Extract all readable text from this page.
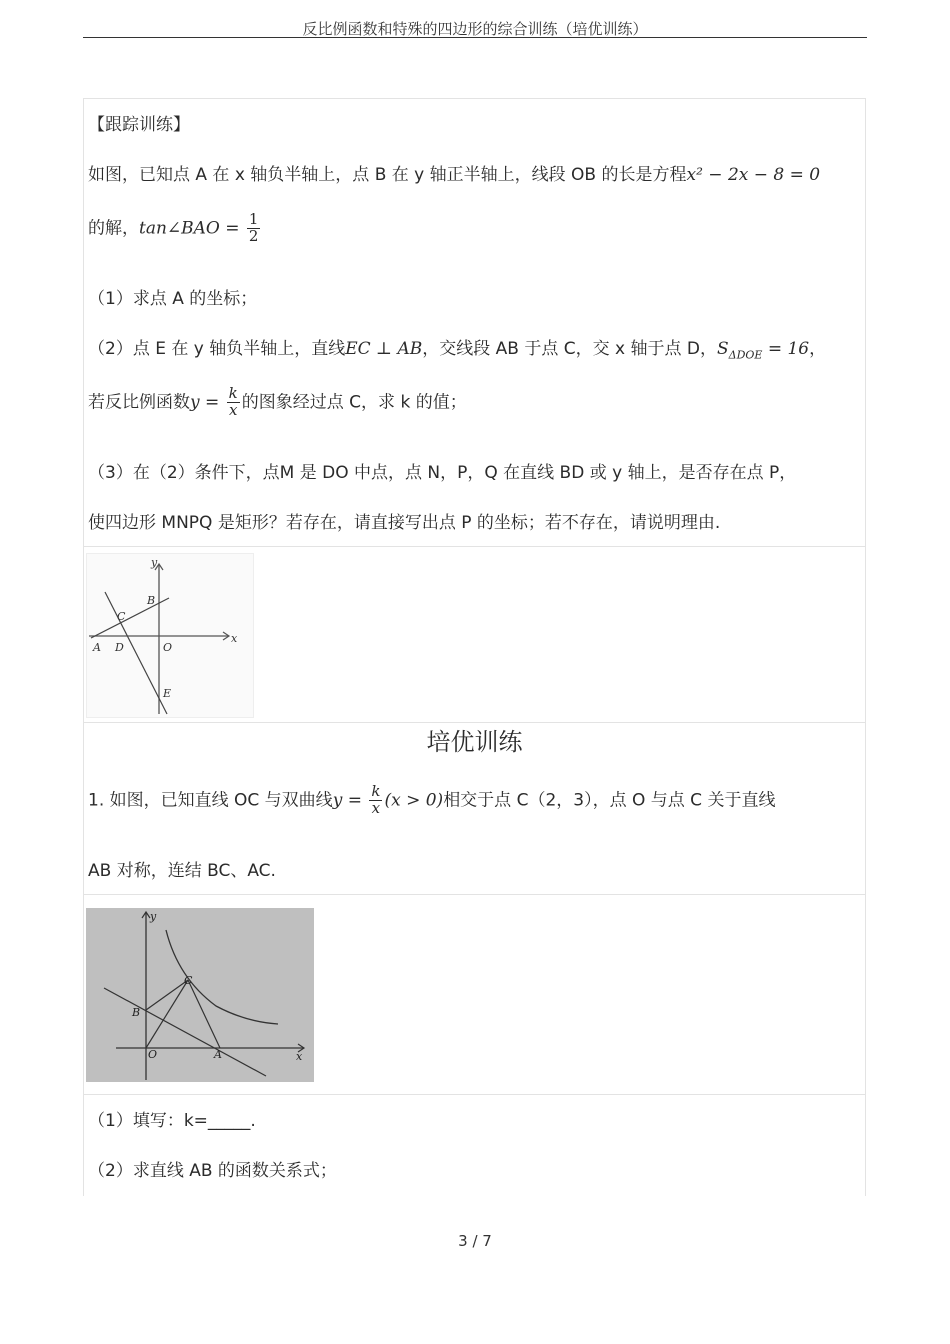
反比例函数和特殊的四边形的综合训练（培优训练）
【跟踪训练】
如图，已知点 A 在 x 轴负半轴上，点 B 在 y 轴正半轴上，线段 OB 的长是方程x² − 2x − 8 = 0
的解，tan∠BAO = $\frac{1}{2}$
（1）求点 A 的坐标；
（2）点 E 在 y 轴负半轴上，直线EC ⊥ AB，交线段 AB 于点 C，交 x 轴于点 D，$S_{\Delta DOE} = 16$，
若反比例函数$y = \frac{k}{x}$ 的图象经过点 C，求 k 的值；
（3）在（2）条件下，点M 是 DO 中点，点 N，P，Q 在直线 BD 或 y 轴上，是否存在点 P，
使四边形 MNPQ 是矩形？若存在，请直接写出点 P 的坐标；若不存在，请说明理由.
y
x
B
C
A D	O
E
培优训练
1. 如图，已知直线 OC 与双曲线$y = \frac{k}{x} (x > 0)$相交于点 C（2，3），点 O 与点 C 关于直线
AB 对称，连结 BC、AC.
y
x
C
B
O	A
（1）填写：k=_____.
（2）求直线 AB 的函数关系式；
3 / 7
